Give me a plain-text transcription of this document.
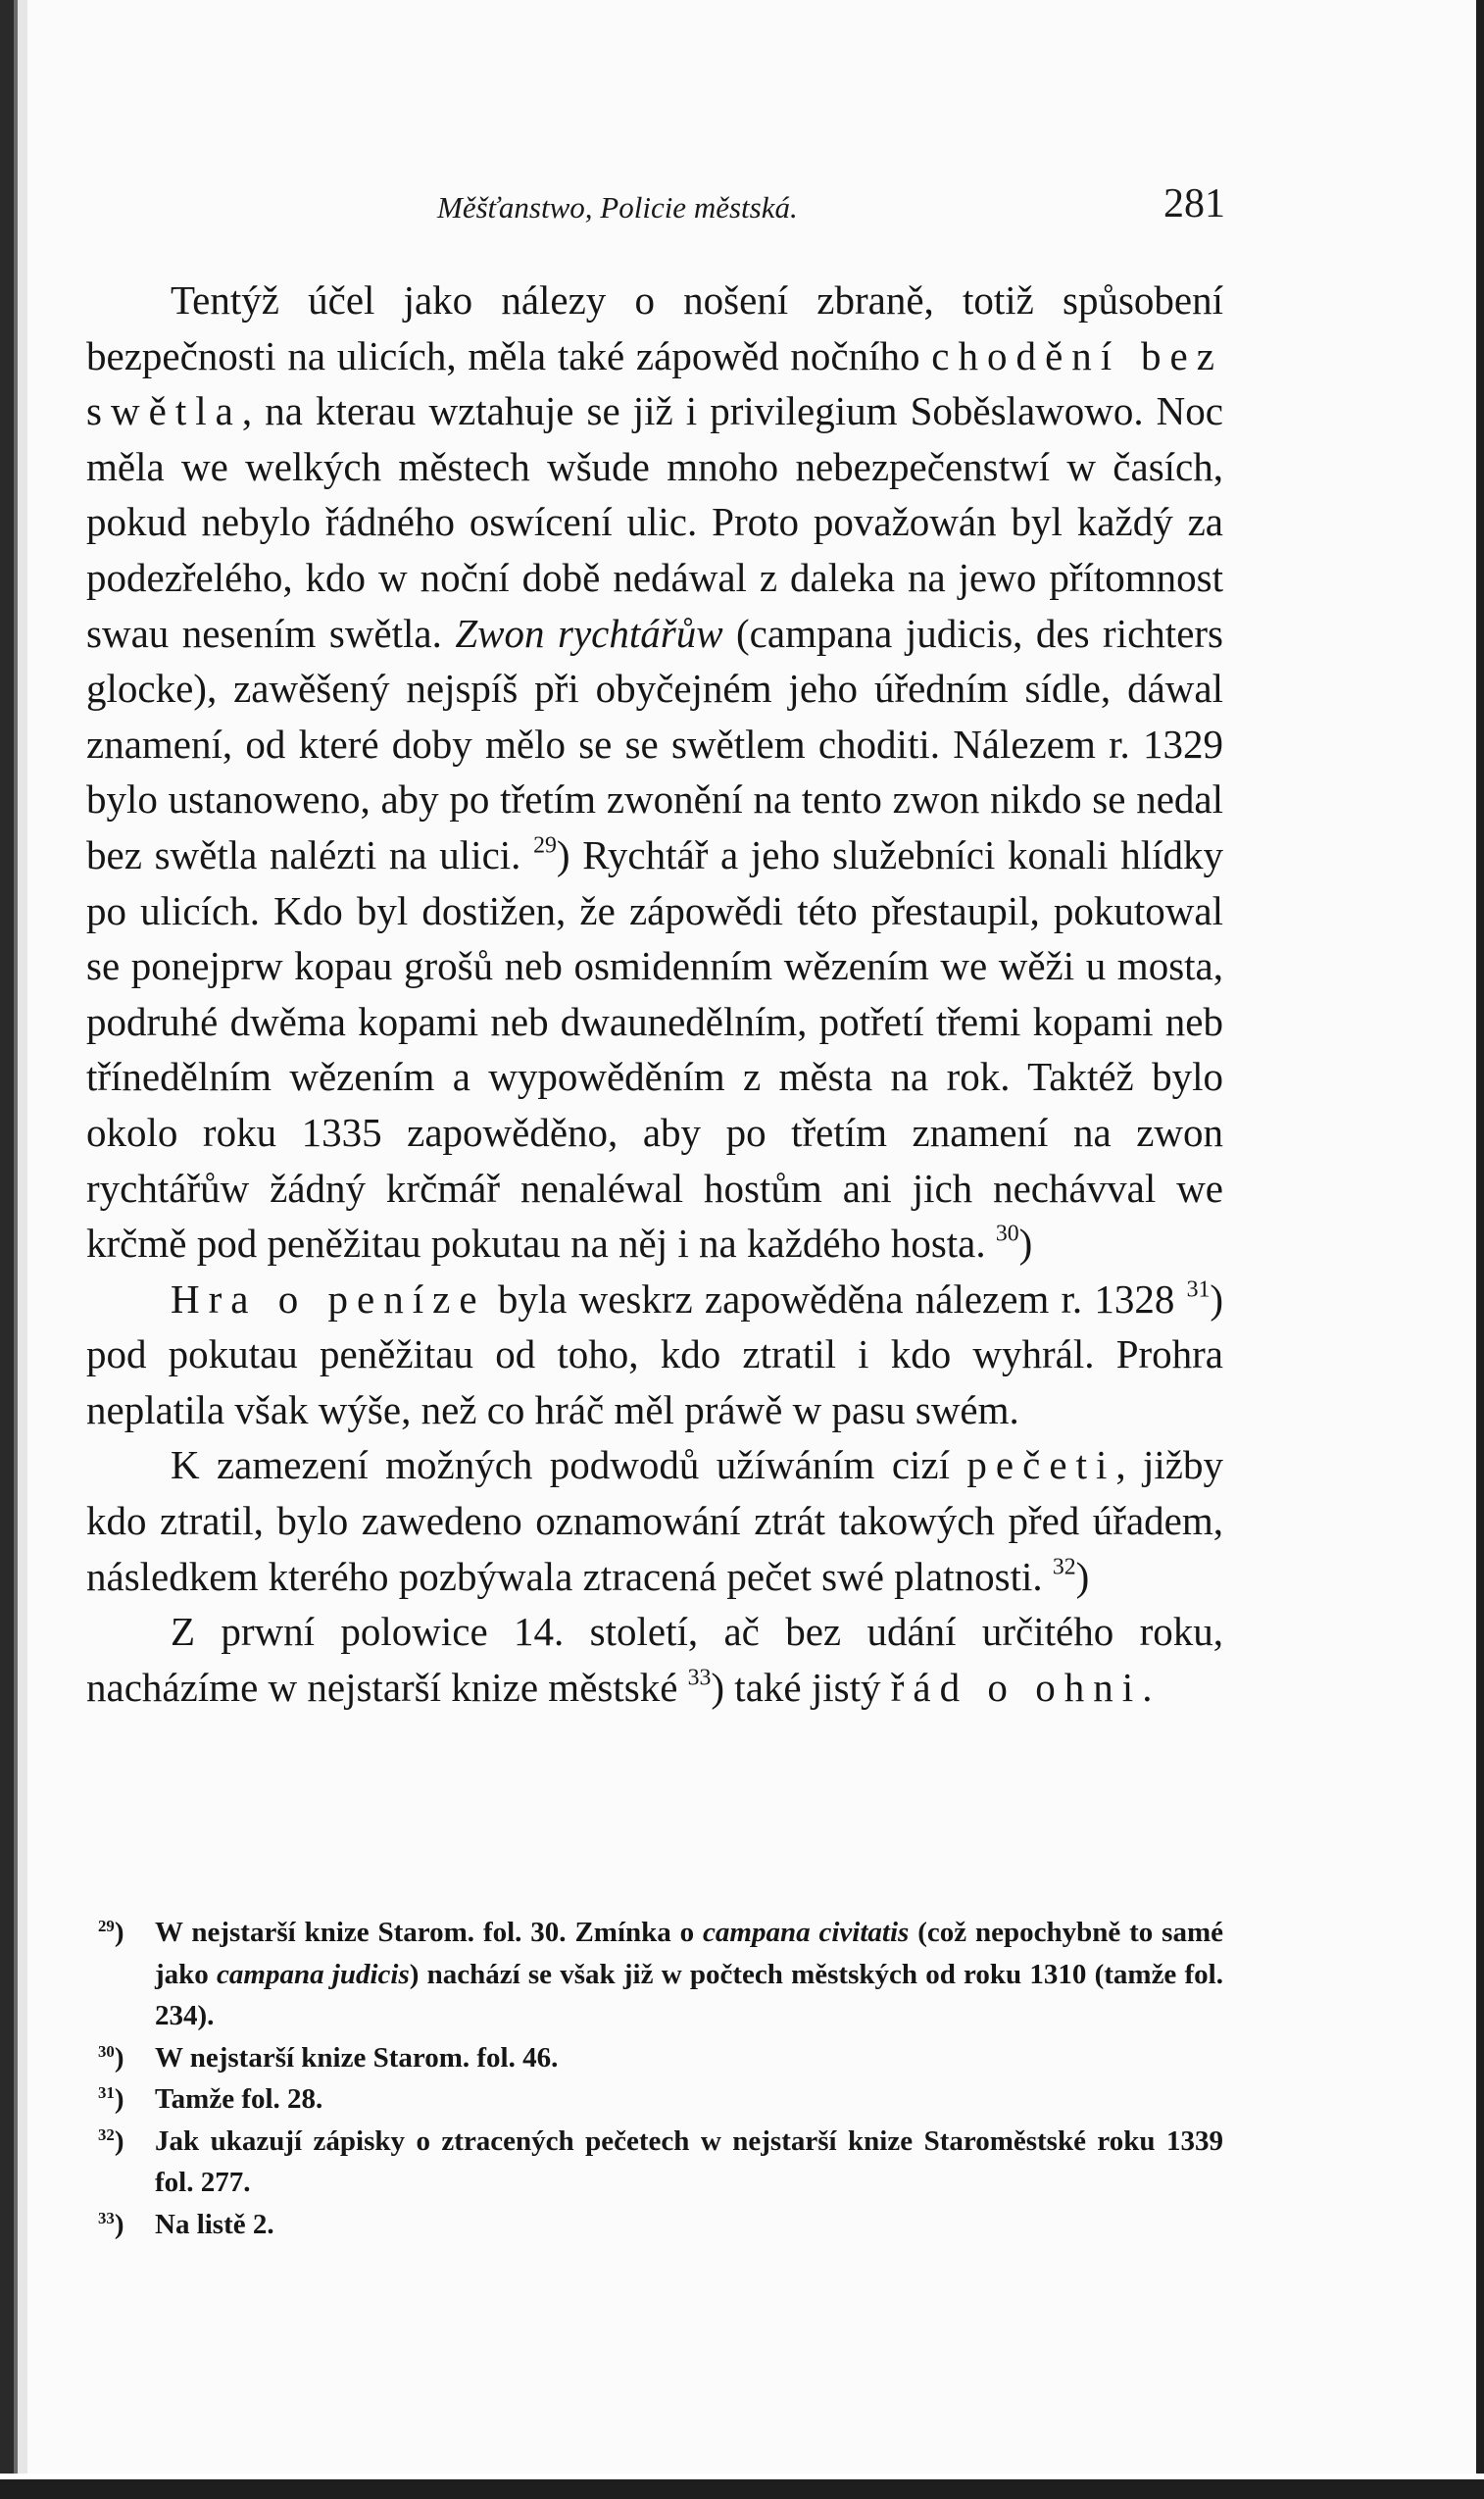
Měšťanstwo, Policie městská.	281

Tentýž účel jako nálezy o nošení zbraně, totiž spůsobení bezpečnosti na ulicích, měla také zápowěd nočního chodění bez swětla, na kterau wztahuje se již i privilegium Soběslawowo. Noc měla we welkých městech wšude mnoho nebezpečenstwí w časích, pokud nebylo řádného oswícení ulic. Proto považowán byl každý za podezřelého, kdo w noční době nedáwal z daleka na jewo přítomnost swau nesením swětla. Zwon rychtářůw (campana judicis, des richters glocke), zawěšený nejspíš při obyčejném jeho úředním sídle, dáwal znamení, od které doby mělo se se swětlem choditi. Nálezem r. 1329 bylo ustanoweno, aby po třetím zwonění na tento zwon nikdo se nedal bez swětla nalézti na ulici. $^{29}$) Rychtář a jeho služebníci konali hlídky po ulicích. Kdo byl dostižen, že zápowědi této přestaupil, pokutowal se ponejprw kopau grošů neb osmidenním wězením we wěži u mosta, podruhé dwěma kopami neb dwaunedělním, potřetí třemi kopami neb třínedělním wězením a wypowěděním z města na rok. Taktéž bylo okolo roku 1335 zapowěděno, aby po třetím znamení na zwon rychtářůw žádný krčmář nenaléwal hostům ani jich nechávval we krčmě pod peněžitau pokutau na něj i na každého hosta. $^{30}$)

Hra o peníze byla weskrz zapowěděna nálezem r. 1328 $^{31}$) pod pokutau peněžitau od toho, kdo ztratil i kdo wyhrál. Prohra neplatila však wýše, než co hráč měl práwě w pasu swém.

K zamezení možných podwodů užíwáním cizí pečeti, jižby kdo ztratil, bylo zawedeno oznamowání ztrát takowých před úřadem, následkem kterého pozbýwala ztracená pečet swé platnosti. $^{32}$)

Z prwní polowice 14. století, ač bez udání určitého roku, nacházíme w nejstarší knize městské $^{33}$) také jistý řád o ohni.

$^{29}$) W nejstarší knize Starom. fol. 30. Zmínka o campana civitatis (což nepochybně to samé jako campana judicis) nachází se však již w počtech městských od roku 1310 (tamže fol. 234).

$^{30}$) W nejstarší knize Starom. fol. 46.

$^{31}$) Tamže fol. 28.

$^{32}$) Jak ukazují zápisky o ztracených pečetech w nejstarší knize Staroměstské roku 1339 fol. 277.

$^{33}$) Na listě 2.
